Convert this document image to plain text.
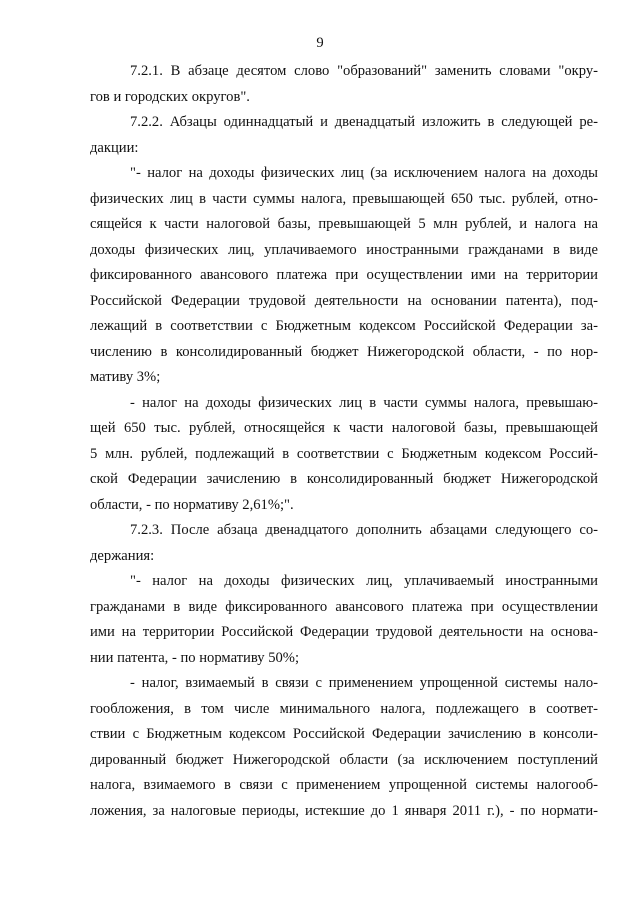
9
7.2.1. В абзаце десятом слово "образований" заменить словами "окру-
гов и городских округов".
7.2.2. Абзацы одиннадцатый и двенадцатый изложить в следующей ре-
дакции:
"- налог на доходы физических лиц (за исключением налога на доходы
физических лиц в части суммы налога, превышающей 650 тыс. рублей, отно-
сящейся к части налоговой базы, превышающей 5 млн рублей, и налога на
доходы физических лиц, уплачиваемого иностранными гражданами в виде
фиксированного авансового платежа при осуществлении ими на территории
Российской Федерации трудовой деятельности на основании патента), под-
лежащий в соответствии с Бюджетным кодексом Российской Федерации за-
числению в консолидированный бюджет Нижегородской области, - по нор-
мативу 3%;
- налог на доходы физических лиц в части суммы налога, превышаю-
щей 650 тыс. рублей, относящейся к части налоговой базы, превышающей
5 млн. рублей, подлежащий в соответствии с Бюджетным кодексом Россий-
ской Федерации зачислению в консолидированный бюджет Нижегородской
области, - по нормативу 2,61%;".
7.2.3. После абзаца двенадцатого дополнить абзацами следующего со-
держания:
"- налог на доходы физических лиц, уплачиваемый иностранными
гражданами в виде фиксированного авансового платежа при осуществлении
ими на территории Российской Федерации трудовой деятельности на основа-
нии патента, - по нормативу 50%;
- налог, взимаемый в связи с применением упрощенной системы нало-
гообложения, в том числе минимального налога, подлежащего в соответ-
ствии с Бюджетным кодексом Российской Федерации зачислению в консоли-
дированный бюджет Нижегородской области (за исключением поступлений
налога, взимаемого в связи с применением упрощенной системы налогооб-
ложения, за налоговые периоды, истекшие до 1 января 2011 г.), - по нормати-
